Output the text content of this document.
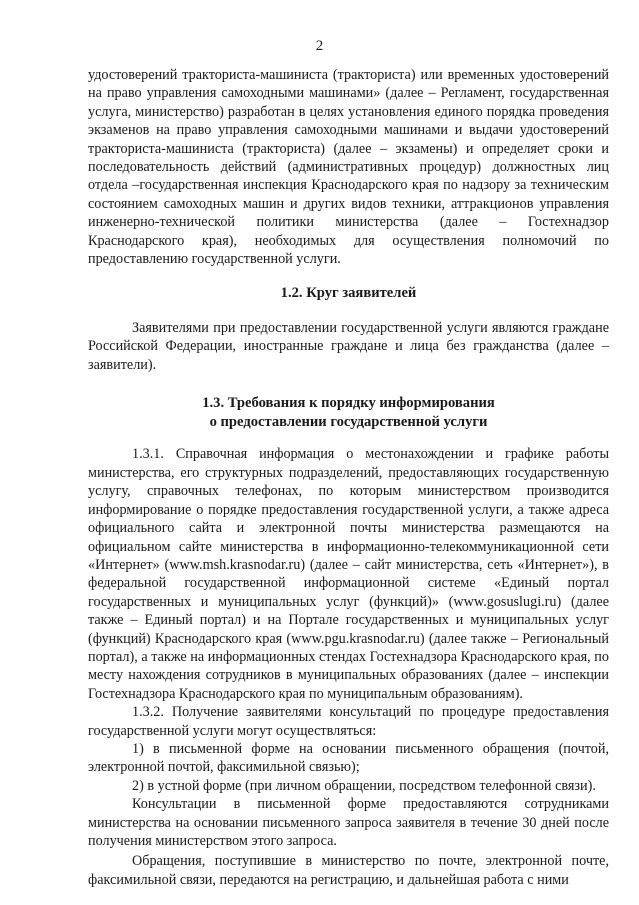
2

удостоверений тракториста-машиниста (тракториста) или временных удостоверений на право управления самоходными машинами» (далее – Регламент, государственная услуга, министерство) разработан в целях установления единого порядка проведения экзаменов на право управления самоходными машинами и выдачи удостоверений тракториста-машиниста (тракториста) (далее – экзамены) и определяет сроки и последовательность действий (административных процедур) должностных лиц отдела –государственная инспекция Краснодарского края по надзору за техническим состоянием самоходных машин и других видов техники, аттракционов управления инженерно-технической политики министерства (далее – Гостехнадзор Краснодарского края), необходимых для осуществления полномочий по предоставлению государственной услуги.

1.2. Круг заявителей

Заявителями при предоставлении государственной услуги являются граждане Российской Федерации, иностранные граждане и лица без гражданства (далее – заявители).

1.3. Требования к порядку информирования
о предоставлении государственной услуги

1.3.1. Справочная информация о местонахождении и графике работы министерства, его структурных подразделений, предоставляющих государственную услугу, справочных телефонах, по которым министерством производится информирование о порядке предоставления государственной услуги, а также адреса официального сайта и электронной почты министерства размещаются на официальном сайте министерства в информационно-телекоммуникационной сети «Интернет» (www.msh.krasnodar.ru) (далее – сайт министерства, сеть «Интернет»), в федеральной государственной информационной системе «Единый портал государственных и муниципальных услуг (функций)» (www.gosuslugi.ru) (далее также – Единый портал) и на Портале государственных и муниципальных услуг (функций) Краснодарского края (www.pgu.krasnodar.ru) (далее также – Региональный портал), а также на информационных стендах Гостехнадзора Краснодарского края, по месту нахождения сотрудников в муниципальных образованиях (далее – инспекции Гостехнадзора Краснодарского края по муниципальным образованиям).

1.3.2. Получение заявителями консультаций по процедуре предоставления государственной услуги могут осуществляться:

1) в письменной форме на основании письменного обращения (почтой, электронной почтой, факсимильной связью);

2) в устной форме (при личном обращении, посредством телефонной связи).

Консультации в письменной форме предоставляются сотрудниками министерства на основании письменного запроса заявителя в течение 30 дней после получения министерством этого запроса.

Обращения, поступившие в министерство по почте, электронной почте, факсимильной связи, передаются на регистрацию, и дальнейшая работа с ними
